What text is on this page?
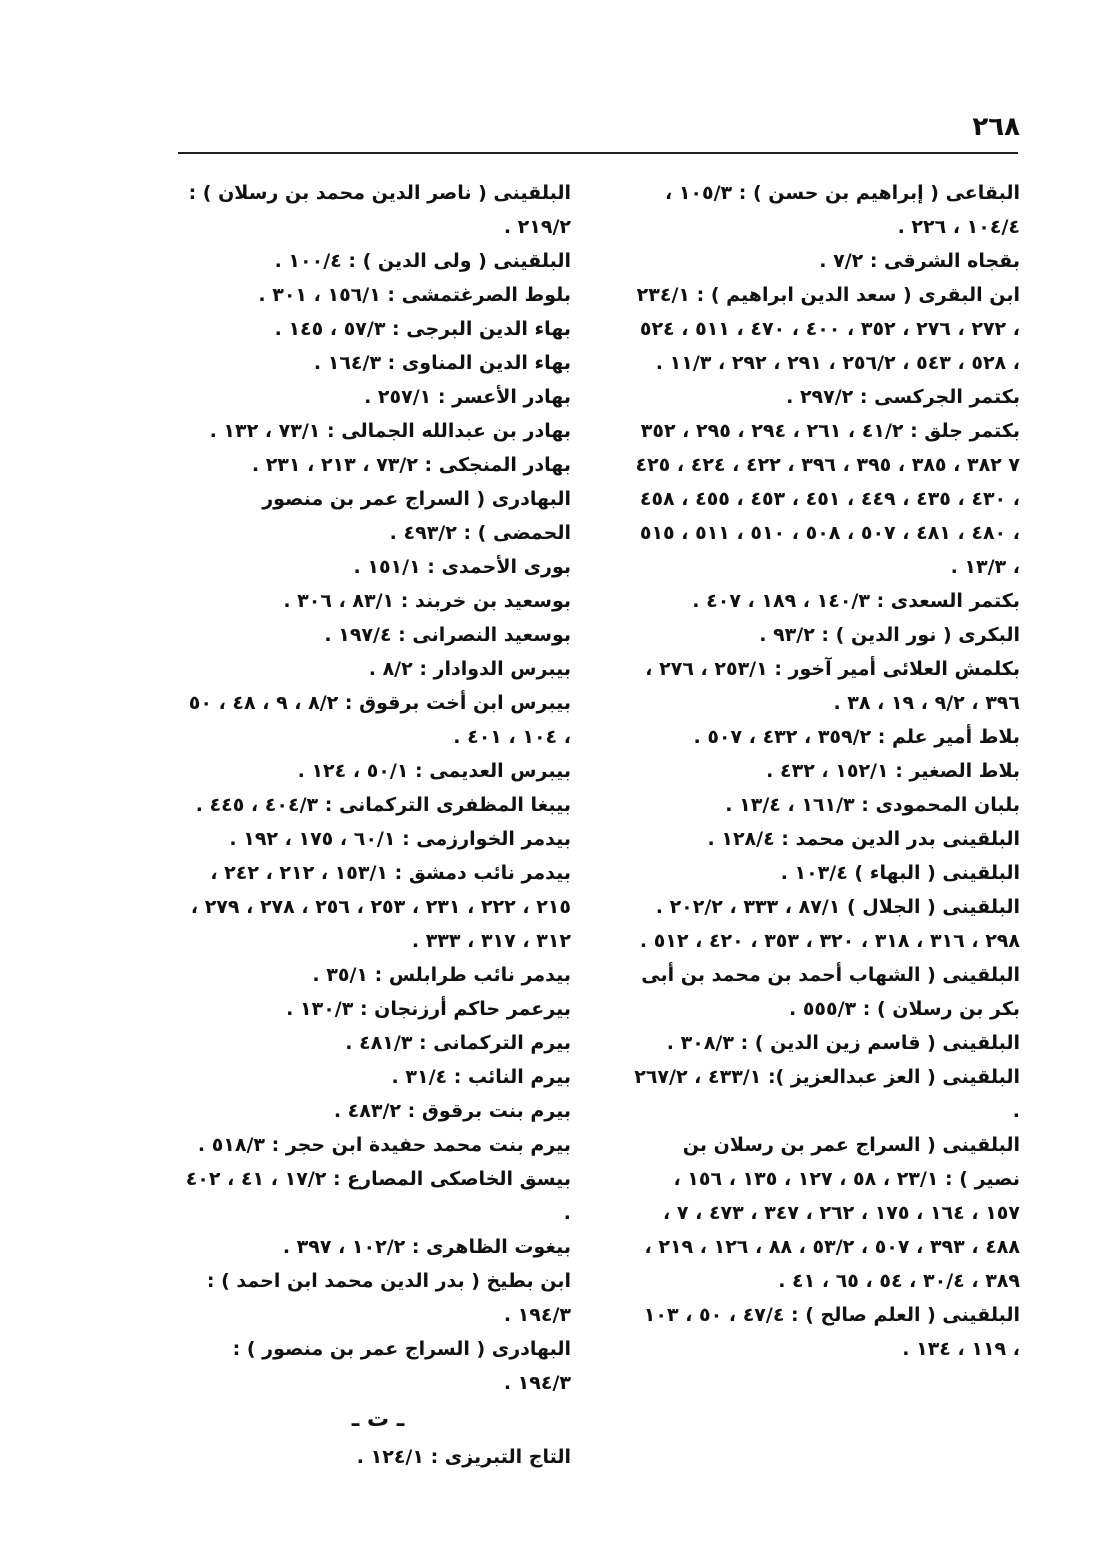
٢٦٨

البقاعى ( إبراهيم بن حسن ) : ١٠٥/٣ ، ١٠٤/٤ ، ٢٢٦ .

بقجاه الشرقى : ٧/٢ .

ابن البقرى ( سعد الدين ابراهيم ) : ٢٣٤/١ ، ٢٧٢ ، ٢٧٦ ، ٣٥٢ ، ٤٠٠ ، ٤٧٠ ، ٥١١ ، ٥٢٤ ، ٥٢٨ ، ٥٤٣ ، ٢٥٦/٢ ، ٢٩١ ، ٢٩٢ ، ١١/٣ .

بكتمر الجركسى : ٢٩٧/٢ .

بكتمر جلق : ٤١/٢ ، ٢٦١ ، ٢٩٤ ، ٢٩٥ ، ٣٥٢ ٧ ٣٨٢ ، ٣٨٥ ، ٣٩٥ ، ٣٩٦ ، ٤٢٢ ، ٤٢٤ ، ٤٢٥ ، ٤٣٠ ، ٤٣٥ ، ٤٤٩ ، ٤٥١ ، ٤٥٣ ، ٤٥٥ ، ٤٥٨ ، ٤٨٠ ، ٤٨١ ، ٥٠٧ ، ٥٠٨ ، ٥١٠ ، ٥١١ ، ٥١٥ ، ١٣/٣ .

بكتمر السعدى : ١٤٠/٣ ، ١٨٩ ، ٤٠٧ .

البكرى ( نور الدين ) : ٩٣/٢ .

بكلمش العلائى أمير آخور : ٢٥٣/١ ، ٢٧٦ ، ٣٩٦ ، ٩/٢ ، ١٩ ، ٣٨ .

بلاط أمير علم : ٣٥٩/٢ ، ٤٣٢ ، ٥٠٧ .

بلاط الصغير : ١٥٢/١ ، ٤٣٢ .

بلبان المحمودى : ١٦١/٣ ، ١٣/٤ .

البلقينى بدر الدين محمد : ١٢٨/٤ .

البلقينى ( البهاء ) ١٠٣/٤ .

البلقينى ( الجلال ) ٨٧/١ ، ٣٣٣ ، ٢٠٢/٢ . ٢٩٨ ، ٣١٦ ، ٣١٨ ، ٣٢٠ ، ٣٥٣ ، ٤٢٠ ، ٥١٢ .

البلقينى ( الشهاب أحمد بن محمد بن أبى بكر بن رسلان ) : ٥٥٥/٣ .

البلقينى ( قاسم زين الدين ) : ٣٠٨/٣ .

البلقينى ( العز عبدالعزيز ): ٤٣٣/١ ، ٢٦٧/٢ .

البلقينى ( السراج عمر بن رسلان بن نصير ) : ٢٣/١ ، ٥٨ ، ١٢٧ ، ١٣٥ ، ١٥٦ ، ١٥٧ ، ١٦٤ ، ١٧٥ ، ٢٦٢ ، ٣٤٧ ، ٤٧٣ ، ٧ ، ٤٨٨ ، ٣٩٣ ، ٥٠٧ ، ٥٣/٢ ، ٨٨ ، ١٢٦ ، ٢١٩ ، ٣٨٩ ، ٣٠/٤ ، ٥٤ ، ٦٥ ، ٤١ .

البلقينى ( العلم صالح ) : ٤٧/٤ ، ٥٠ ، ١٠٣ ، ١١٩ ، ١٣٤ .

البلقينى ( ناصر الدين محمد بن رسلان ) : ٢١٩/٢ .

البلقينى ( ولى الدين ) : ١٠٠/٤ .

بلوط الصرغتمشى : ١٥٦/١ ، ٣٠١ .

بهاء الدين البرجى : ٥٧/٣ ، ١٤٥ .

بهاء الدين المناوى : ١٦٤/٣ .

بهادر الأعسر : ٢٥٧/١ .

بهادر بن عبدالله الجمالى : ٧٣/١ ، ١٣٢ .

بهادر المنجكى : ٧٣/٢ ، ٢١٣ ، ٢٣١ .

البهادرى ( السراج عمر بن منصور الحمضى ) : ٤٩٣/٢ .

بورى الأحمدى : ١٥١/١ .

بوسعيد بن خربند : ٨٣/١ ، ٣٠٦ .

بوسعيد النصرانى : ١٩٧/٤ .

بيبرس الدوادار : ٨/٢ .

بيبرس ابن أخت برقوق : ٨/٢ ، ٩ ، ٤٨ ، ٥٠ ، ١٠٤ ، ٤٠١ .

بيبرس العديمى : ٥٠/١ ، ١٢٤ .

بيبغا المظفرى التركمانى : ٤٠٤/٣ ، ٤٤٥ .

بيدمر الخوارزمى : ٦٠/١ ، ١٧٥ ، ١٩٢ .

بيدمر نائب دمشق : ١٥٣/١ ، ٢١٢ ، ٢٤٢ ، ٢١٥ ، ٢٢٢ ، ٢٣١ ، ٢٥٣ ، ٢٥٦ ، ٢٧٨ ، ٢٧٩ ، ٣١٢ ، ٣١٧ ، ٣٣٣ .

بيدمر نائب طرابلس : ٣٥/١ .

بيرعمر حاكم أرزنجان : ١٣٠/٣ .

بيرم التركمانى : ٤٨١/٣ .

بيرم النائب : ٣١/٤ .

بيرم بنت برقوق : ٤٨٣/٢ .

بيرم بنت محمد حفيدة ابن حجر : ٥١٨/٣ .

بيسق الخاصكى المصارع : ١٧/٢ ، ٤١ ، ٤٠٢ .

بيغوت الظاهرى : ١٠٢/٢ ، ٣٩٧ .

ابن بطيخ ( بدر الدين محمد ابن احمد ) : ١٩٤/٣ .

البهادرى ( السراج عمر بن منصور ) : ١٩٤/٣ .

ـ ت ـ

التاج التبريزى : ١٢٤/١ .
